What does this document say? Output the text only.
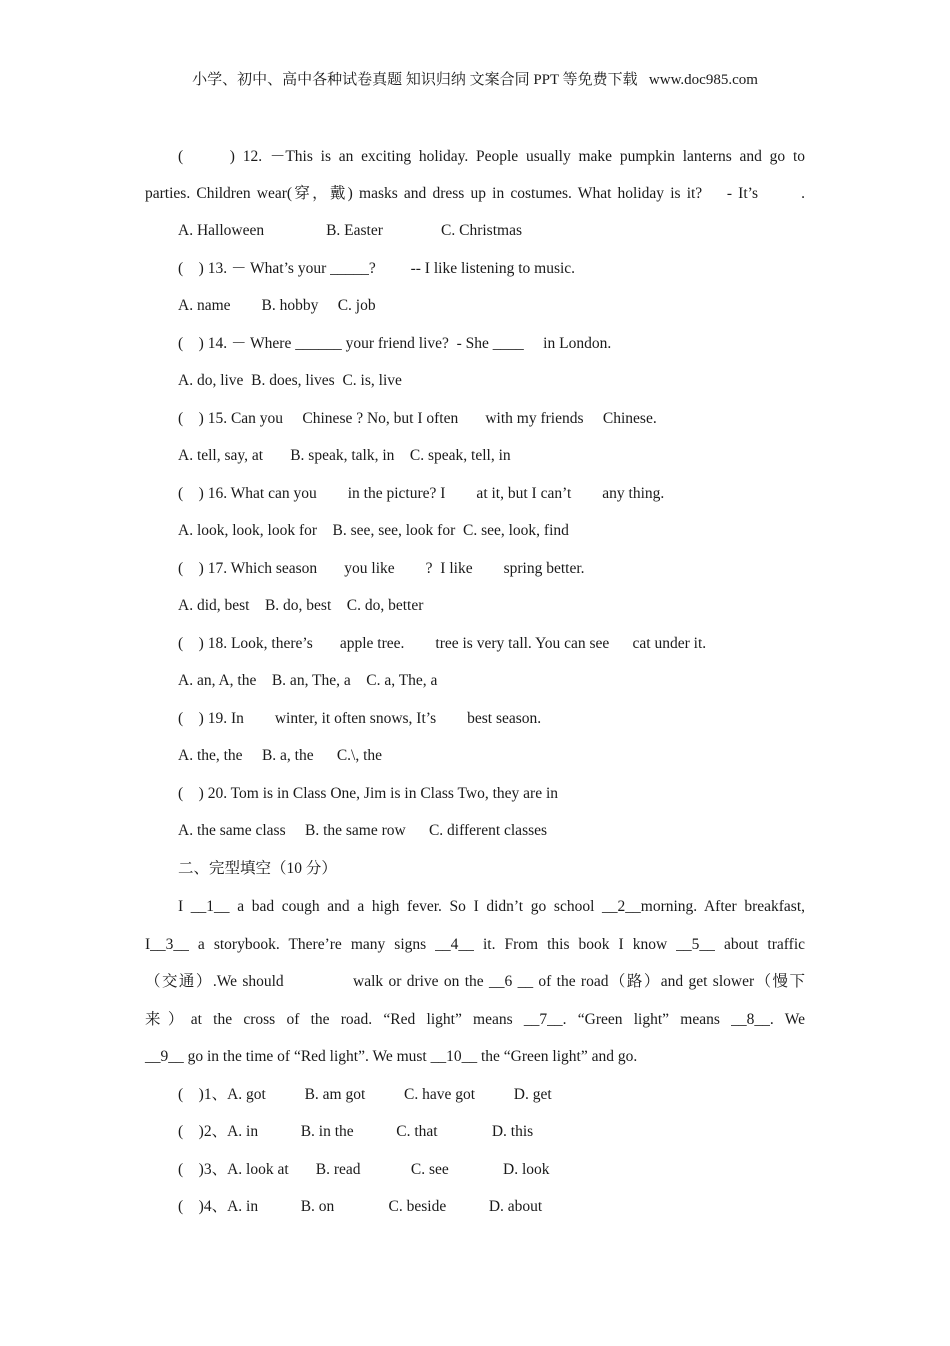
小学、初中、高中各种试卷真题 知识归纳 文案合同 PPT 等免费下载   www.doc985.com
(      ) 12. －This is an exciting holiday. People usually make pumpkin lanterns and go to
parties. Children wear(穿，戴) masks and dress up in costumes. What holiday is it?    - It’s       .
A. Halloween                B. Easter               C. Christmas
(    ) 13. － What’s your _____?         -- I like listening to music.
A. name        B. hobby     C. job
(    ) 14. － Where ______ your friend live?  - She ____     in London.
A. do, live  B. does, lives  C. is, live
(    ) 15. Can you     Chinese ? No, but I often       with my friends     Chinese.
A. tell, say, at       B. speak, talk, in    C. speak, tell, in
(    ) 16. What can you        in the picture? I        at it, but I can’t        any thing.
A. look, look, look for    B. see, see, look for  C. see, look, find
(    ) 17. Which season       you like        ?  I like        spring better.
A. did, best    B. do, best    C. do, better
(    ) 18. Look, there’s       apple tree.        tree is very tall. You can see      cat under it.
A. an, A, the    B. an, The, a    C. a, The, a
(    ) 19. In        winter, it often snows, It’s        best season.
A. the, the     B. a, the      C.\, the
(    ) 20. Tom is in Class One, Jim is in Class Two, they are in
A. the same class     B. the same row      C. different classes
二、完型填空（10 分）
I __1__ a bad cough and a high fever. So I didn’t go school __2__morning. After breakfast,
I__3__ a storybook. There’re many signs __4__ it. From this book I know __5__ about traffic
（交通）.We should             walk or drive on the __6 __ of the road（路）and get slower（慢下
来）at the cross of the road. “Red light” means __7__. “Green light” means __8__. We
__9__ go in the time of “Red light”. We must __10__ the “Green light” and go.
(    )1、A. got          B. am got          C. have got          D. get
(    )2、A. in           B. in the           C. that              D. this
(    )3、A. look at       B. read             C. see              D. look
(    )4、A. in           B. on              C. beside           D. about
